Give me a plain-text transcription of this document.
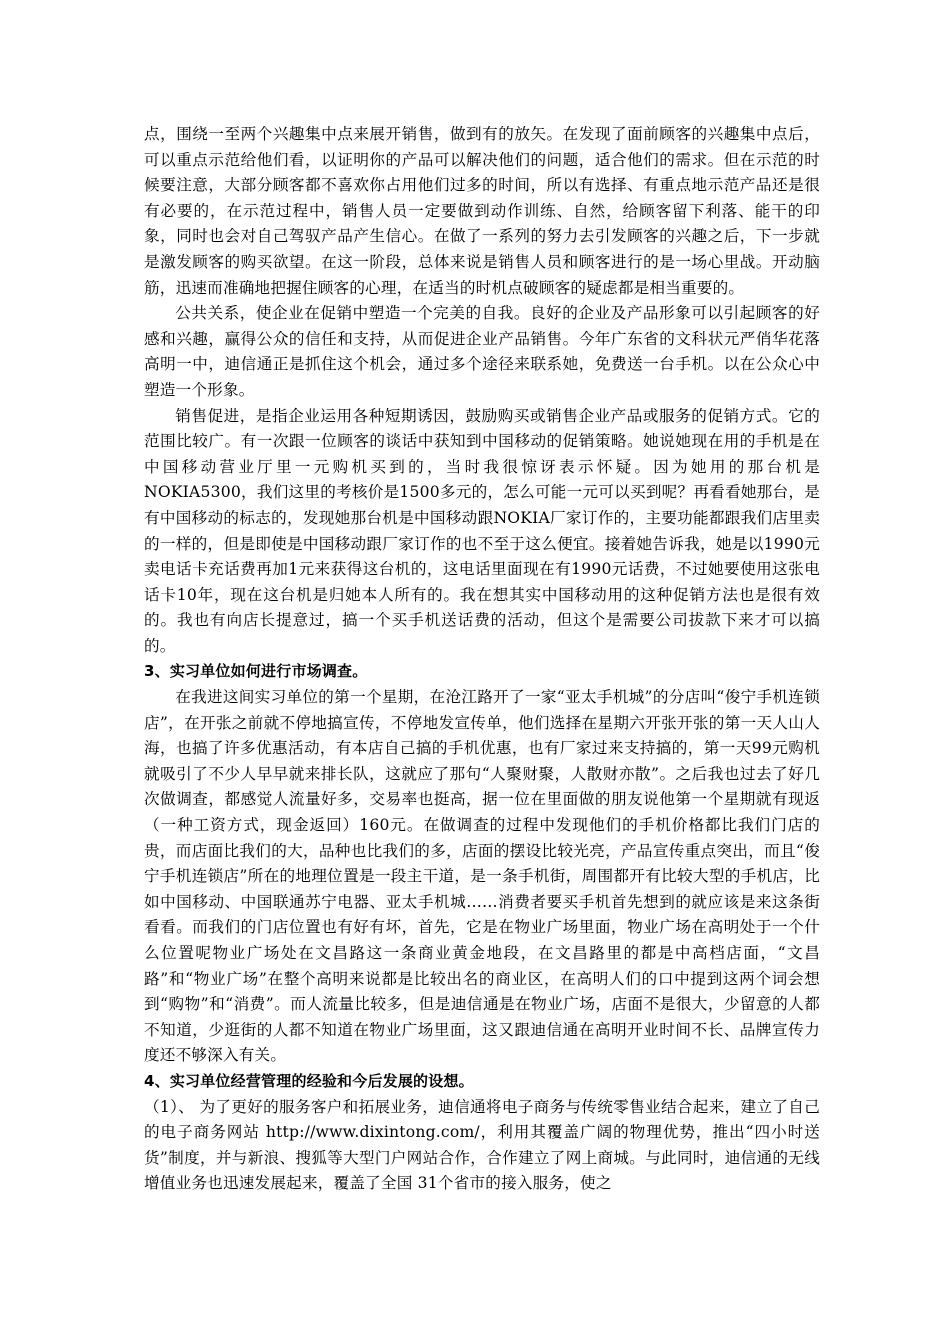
点，围绕一至两个兴趣集中点来展开销售，做到有的放矢。在发现了面前顾客的兴趣集中点后，可以重点示范给他们看，以证明你的产品可以解决他们的问题，适合他们的需求。但在示范的时候要注意，大部分顾客都不喜欢你占用他们过多的时间，所以有选择、有重点地示范产品还是很有必要的，在示范过程中，销售人员一定要做到动作训练、自然，给顾客留下利落、能干的印象，同时也会对自己驾驭产品产生信心。在做了一系列的努力去引发顾客的兴趣之后，下一步就是激发顾客的购买欲望。在这一阶段，总体来说是销售人员和顾客进行的是一场心里战。开动脑筋，迅速而准确地把握住顾客的心理，在适当的时机点破顾客的疑虑都是相当重要的。

公共关系，使企业在促销中塑造一个完美的自我。良好的企业及产品形象可以引起顾客的好感和兴趣，赢得公众的信任和支持，从而促进企业产品销售。今年广东省的文科状元严俏华花落高明一中，迪信通正是抓住这个机会，通过多个途径来联系她，免费送一台手机。以在公众心中塑造一个形象。

销售促进，是指企业运用各种短期诱因，鼓励购买或销售企业产品或服务的促销方式。它的范围比较广。有一次跟一位顾客的谈话中获知到中国移动的促销策略。她说她现在用的手机是在中国移动营业厅里一元购机买到的，当时我很惊讶表示怀疑。因为她用的那台机是NOKIA5300，我们这里的考核价是1500多元的，怎么可能一元可以买到呢？再看看她那台，是有中国移动的标志的，发现她那台机是中国移动跟NOKIA厂家订作的，主要功能都跟我们店里卖的一样的，但是即使是中国移动跟厂家订作的也不至于这么便宜。接着她告诉我，她是以1990元卖电话卡充话费再加1元来获得这台机的，这电话里面现在有1990元话费，不过她要使用这张电话卡10年，现在这台机是归她本人所有的。我在想其实中国移动用的这种促销方法也是很有效的。我也有向店长提意过，搞一个买手机送话费的活动，但这个是需要公司拔款下来才可以搞的。

3、实习单位如何进行市场调查。

在我进这间实习单位的第一个星期，在沧江路开了一家“亚太手机城”的分店叫“俊宁手机连锁店”，在开张之前就不停地搞宣传，不停地发宣传单，他们选择在星期六开张开张的第一天人山人海，也搞了许多优惠活动，有本店自己搞的手机优惠，也有厂家过来支持搞的，第一天99元购机就吸引了不少人早早就来排长队，这就应了那句“人聚财聚，人散财亦散”。之后我也过去了好几次做调查，都感觉人流量好多，交易率也挺高，据一位在里面做的朋友说他第一个星期就有现返（一种工资方式，现金返回）160元。在做调查的过程中发现他们的手机价格都比我们门店的贵，而店面比我们的大，品种也比我们的多，店面的摆设比较光亮，产品宣传重点突出，而且“俊宁手机连锁店”所在的地理位置是一段主干道，是一条手机街，周围都开有比较大型的手机店，比如中国移动、中国联通苏宁电器、亚太手机城……消费者要买手机首先想到的就应该是来这条街看看。而我们的门店位置也有好有坏，首先，它是在物业广场里面，物业广场在高明处于一个什么位置呢物业广场处在文昌路这一条商业黄金地段，在文昌路里的都是中高档店面，“文昌路”和“物业广场”在整个高明来说都是比较出名的商业区，在高明人们的口中提到这两个词会想到“购物”和“消费”。而人流量比较多，但是迪信通是在物业广场，店面不是很大，少留意的人都不知道，少逛街的人都不知道在物业广场里面，这又跟迪信通在高明开业时间不长、品牌宣传力度还不够深入有关。

4、实习单位经营管理的经验和今后发展的设想。

（1）、 为了更好的服务客户和拓展业务，迪信通将电子商务与传统零售业结合起来，建立了自己的电子商务网站 http://www.dixintong.com/，利用其覆盖广阔的物理优势，推出“四小时送货”制度，并与新浪、搜狐等大型门户网站合作，合作建立了网上商城。与此同时，迪信通的无线增值业务也迅速发展起来，覆盖了全国 31个省市的接入服务，使之
